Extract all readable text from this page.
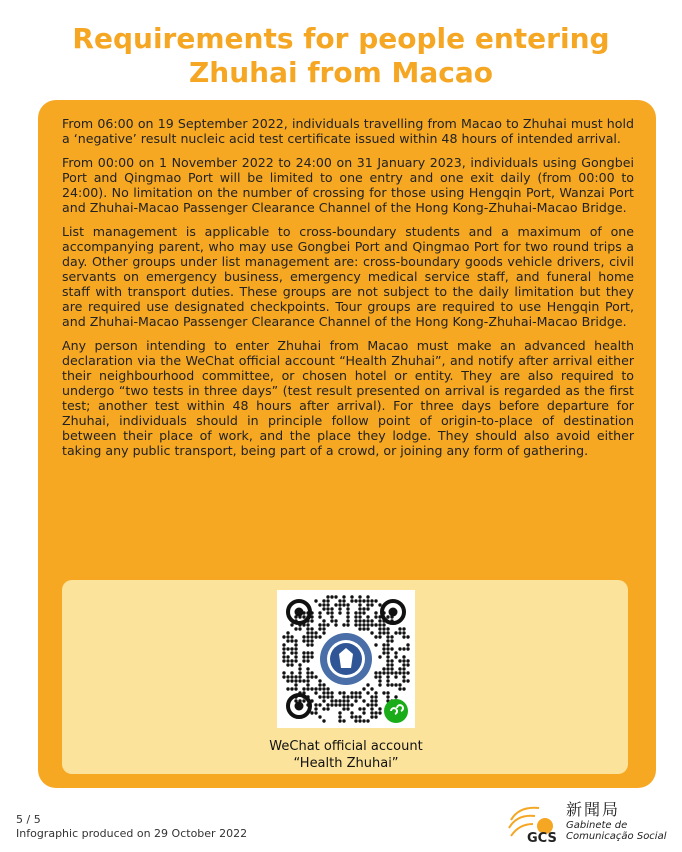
Requirements for people entering
Zhuhai from Macao

From 06:00 on 19 September 2022, individuals travelling from Macao to Zhuhai must hold a ‘negative’ result nucleic acid test certificate issued within 48 hours of intended arrival.

From 00:00 on 1 November 2022 to 24:00 on 31 January 2023, individuals using Gongbei Port and Qingmao Port will be limited to one entry and one exit daily (from 00:00 to 24:00). No limitation on the number of crossing for those using Hengqin Port, Wanzai Port and Zhuhai-Macao Passenger Clearance Channel of the Hong Kong-Zhuhai-Macao Bridge.

List management is applicable to cross-boundary students and a maximum of one accompanying parent, who may use Gongbei Port and Qingmao Port for two round trips a day. Other groups under list management are: cross-boundary goods vehicle drivers, civil servants on emergency business, emergency medical service staff, and funeral home staff with transport duties. These groups are not subject to the daily limitation but they are required use designated checkpoints. Tour groups are required to use Hengqin Port, and Zhuhai-Macao Passenger Clearance Channel of the Hong Kong-Zhuhai-Macao Bridge.

Any person intending to enter Zhuhai from Macao must make an advanced health declaration via the WeChat official account “Health Zhuhai”, and notify after arrival either their neighbourhood committee, or chosen hotel or entity. They are also required to undergo “two tests in three days” (test result presented on arrival is regarded as the first test; another test within 48 hours after arrival). For three days before departure for Zhuhai, individuals should in principle follow point of origin-to-place of destination between their place of work, and the place they lodge. They should also avoid either taking any public transport, being part of a crowd, or joining any form of gathering.

WeChat official account
“Health Zhuhai”
5 / 5
Infographic produced on 29 October 2022	GCS
新聞局
Gabinete de
Comunicação Social
